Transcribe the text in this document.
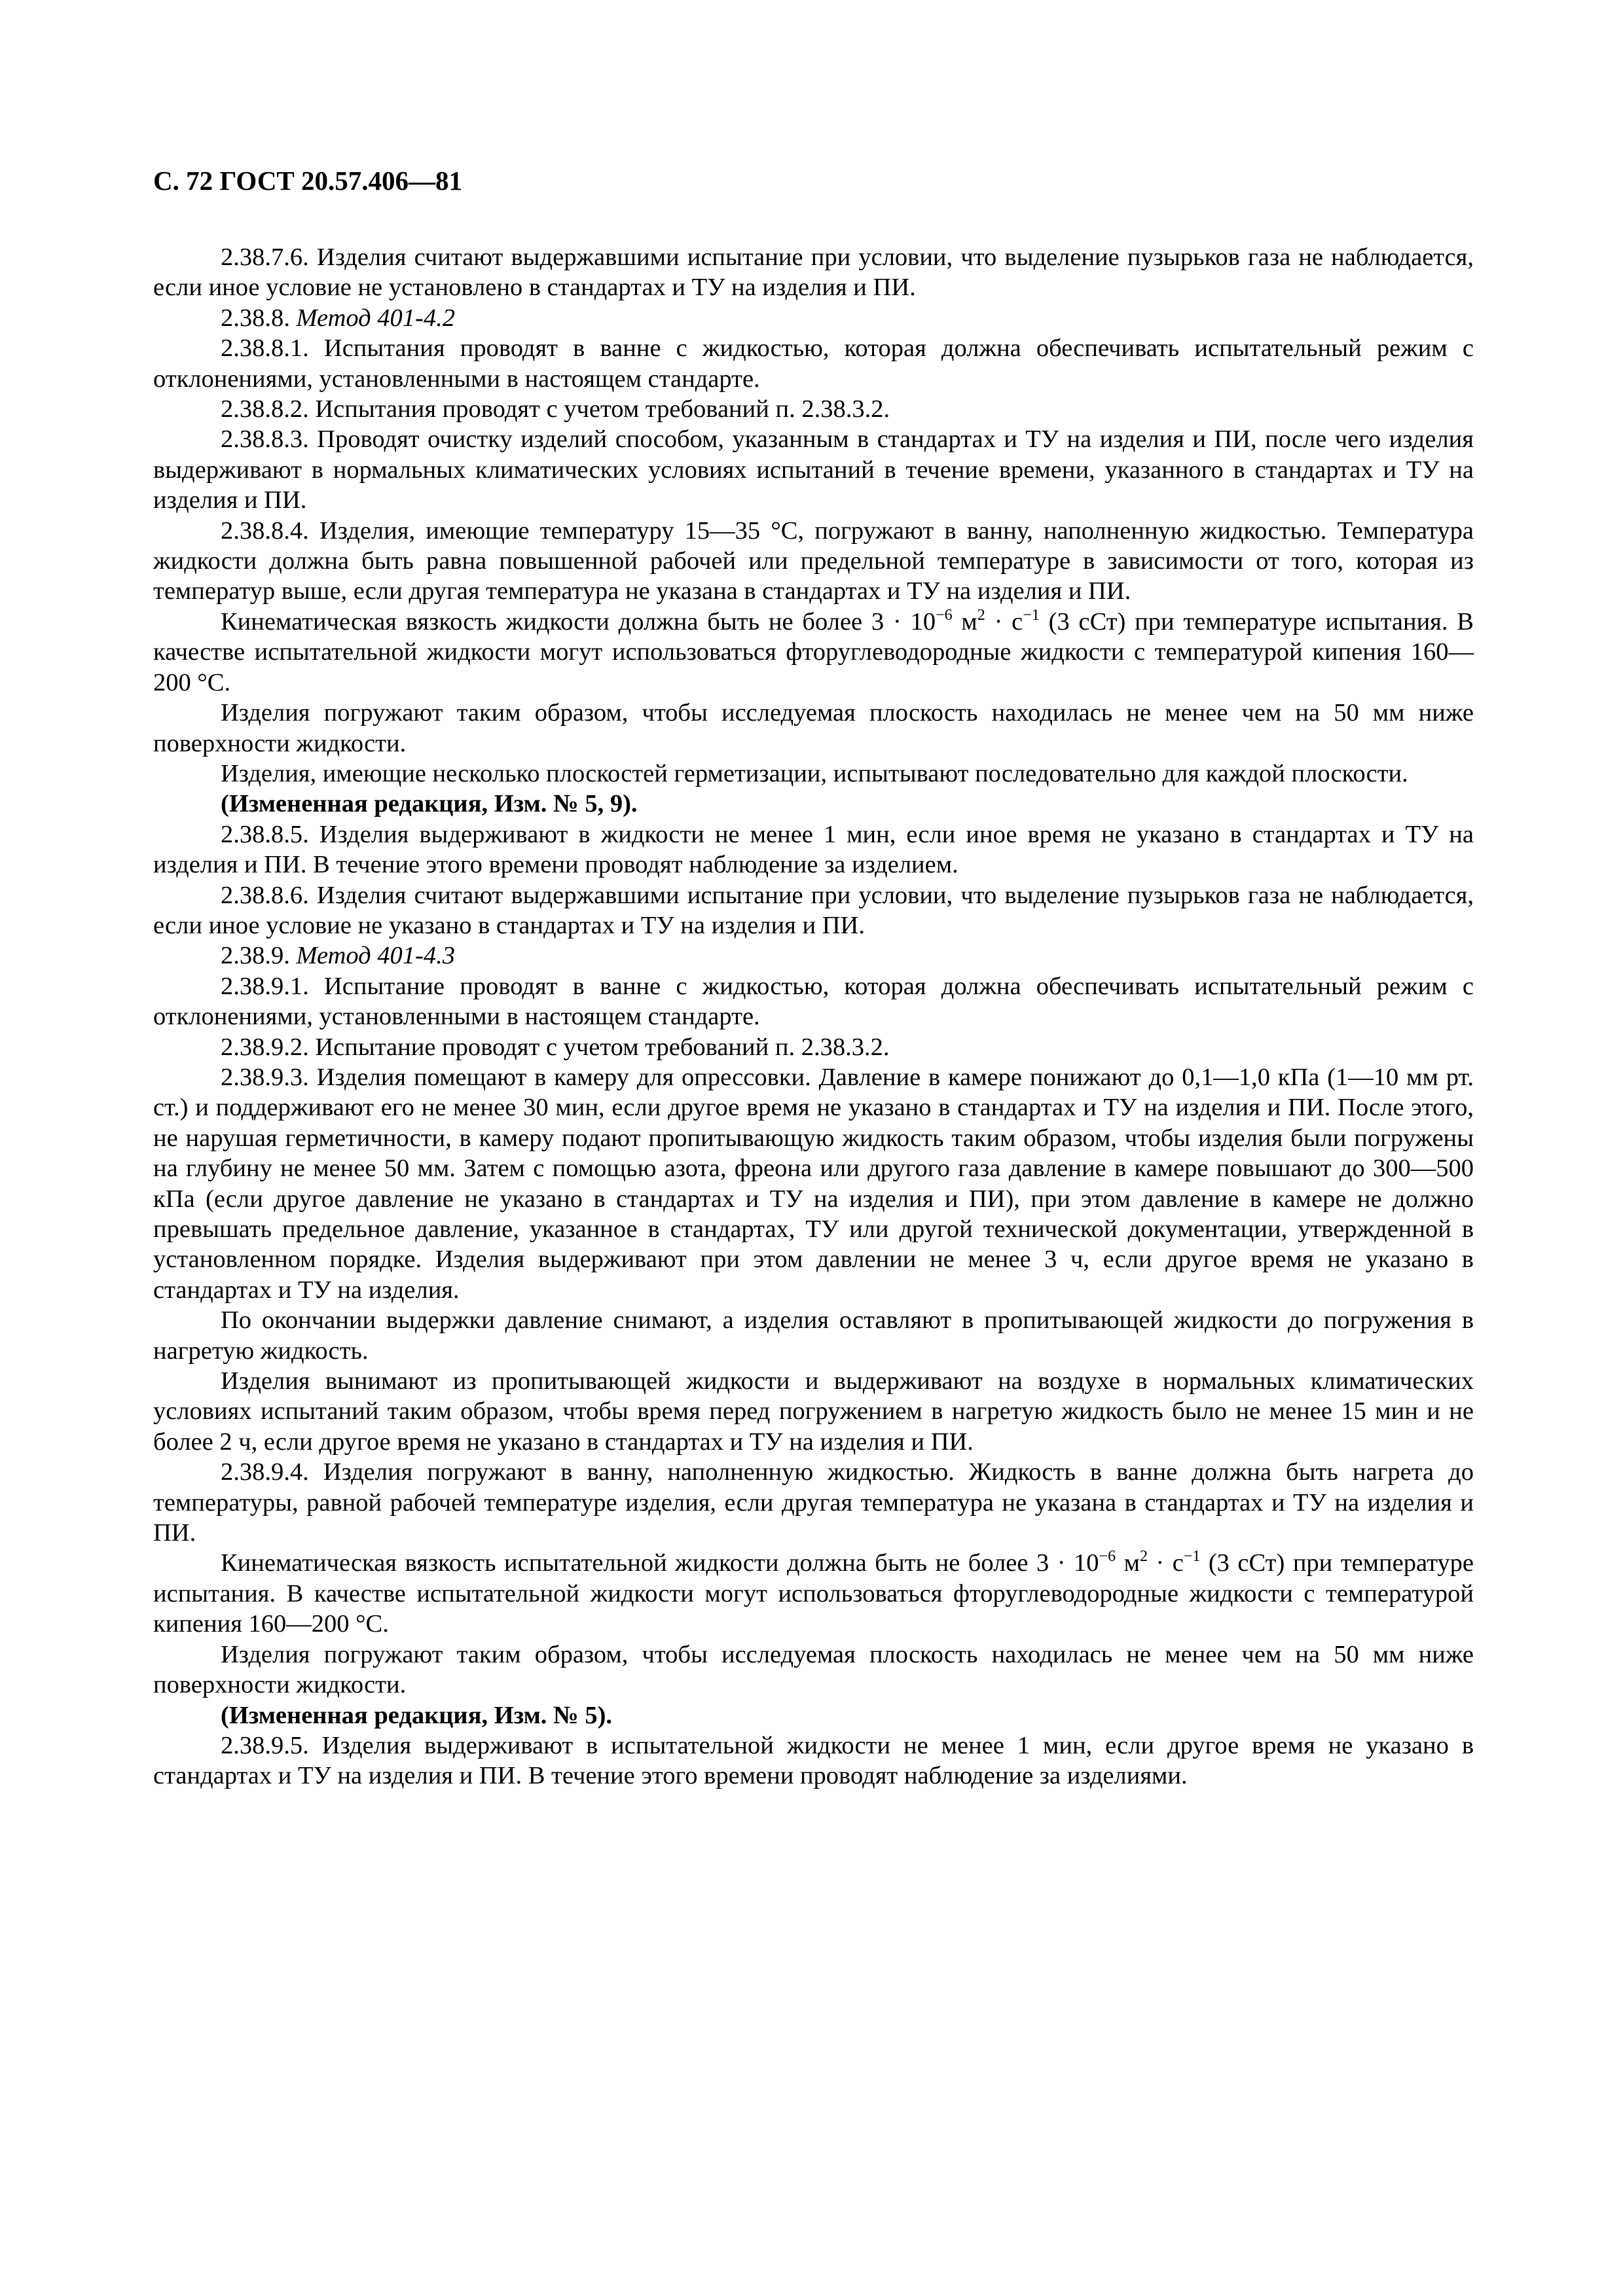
С. 72 ГОСТ 20.57.406—81

2.38.7.6. Изделия считают выдержавшими испытание при условии, что выделение пузырьков газа не наблюдается, если иное условие не установлено в стандартах и ТУ на изделия и ПИ.

2.38.8. Метод 401-4.2

2.38.8.1. Испытания проводят в ванне с жидкостью, которая должна обеспечивать испытательный режим с отклонениями, установленными в настоящем стандарте.

2.38.8.2. Испытания проводят с учетом требований п. 2.38.3.2.

2.38.8.3. Проводят очистку изделий способом, указанным в стандартах и ТУ на изделия и ПИ, после чего изделия выдерживают в нормальных климатических условиях испытаний в течение времени, указанного в стандартах и ТУ на изделия и ПИ.

2.38.8.4. Изделия, имеющие температуру 15—35 °С, погружают в ванну, наполненную жидкостью. Температура жидкости должна быть равна повышенной рабочей или предельной температуре в зависимости от того, которая из температур выше, если другая температура не указана в стандартах и ТУ на изделия и ПИ.

Кинематическая вязкость жидкости должна быть не более $3 \cdot 10^{-6}$ $м^2 \cdot с^{-1}$ (3 сСт) при температуре испытания. В качестве испытательной жидкости могут использоваться фторуглеводородные жидкости с температурой кипения 160—200 °С.

Изделия погружают таким образом, чтобы исследуемая плоскость находилась не менее чем на 50 мм ниже поверхности жидкости.

Изделия, имеющие несколько плоскостей герметизации, испытывают последовательно для каждой плоскости.

(Измененная редакция, Изм. № 5, 9).

2.38.8.5. Изделия выдерживают в жидкости не менее 1 мин, если иное время не указано в стандартах и ТУ на изделия и ПИ. В течение этого времени проводят наблюдение за изделием.

2.38.8.6. Изделия считают выдержавшими испытание при условии, что выделение пузырьков газа не наблюдается, если иное условие не указано в стандартах и ТУ на изделия и ПИ.

2.38.9. Метод 401-4.3

2.38.9.1. Испытание проводят в ванне с жидкостью, которая должна обеспечивать испытательный режим с отклонениями, установленными в настоящем стандарте.

2.38.9.2. Испытание проводят с учетом требований п. 2.38.3.2.

2.38.9.3. Изделия помещают в камеру для опрессовки. Давление в камере понижают до 0,1—1,0 кПа (1—10 мм рт. ст.) и поддерживают его не менее 30 мин, если другое время не указано в стандартах и ТУ на изделия и ПИ. После этого, не нарушая герметичности, в камеру подают пропитывающую жидкость таким образом, чтобы изделия были погружены на глубину не менее 50 мм. Затем с помощью азота, фреона или другого газа давление в камере повышают до 300—500 кПа (если другое давление не указано в стандартах и ТУ на изделия и ПИ), при этом давление в камере не должно превышать предельное давление, указанное в стандартах, ТУ или другой технической документации, утвержденной в установленном порядке. Изделия выдерживают при этом давлении не менее 3 ч, если другое время не указано в стандартах и ТУ на изделия.

По окончании выдержки давление снимают, а изделия оставляют в пропитывающей жидкости до погружения в нагретую жидкость.

Изделия вынимают из пропитывающей жидкости и выдерживают на воздухе в нормальных климатических условиях испытаний таким образом, чтобы время перед погружением в нагретую жидкость было не менее 15 мин и не более 2 ч, если другое время не указано в стандартах и ТУ на изделия и ПИ.

2.38.9.4. Изделия погружают в ванну, наполненную жидкостью. Жидкость в ванне должна быть нагрета до температуры, равной рабочей температуре изделия, если другая температура не указана в стандартах и ТУ на изделия и ПИ.

Кинематическая вязкость испытательной жидкости должна быть не более $3 \cdot 10^{-6}$ $м^2 \cdot с^{-1}$ (3 сСт) при температуре испытания. В качестве испытательной жидкости могут использоваться фторуглеводородные жидкости с температурой кипения 160—200 °С.

Изделия погружают таким образом, чтобы исследуемая плоскость находилась не менее чем на 50 мм ниже поверхности жидкости.

(Измененная редакция, Изм. № 5).

2.38.9.5. Изделия выдерживают в испытательной жидкости не менее 1 мин, если другое время не указано в стандартах и ТУ на изделия и ПИ. В течение этого времени проводят наблюдение за изделиями.
